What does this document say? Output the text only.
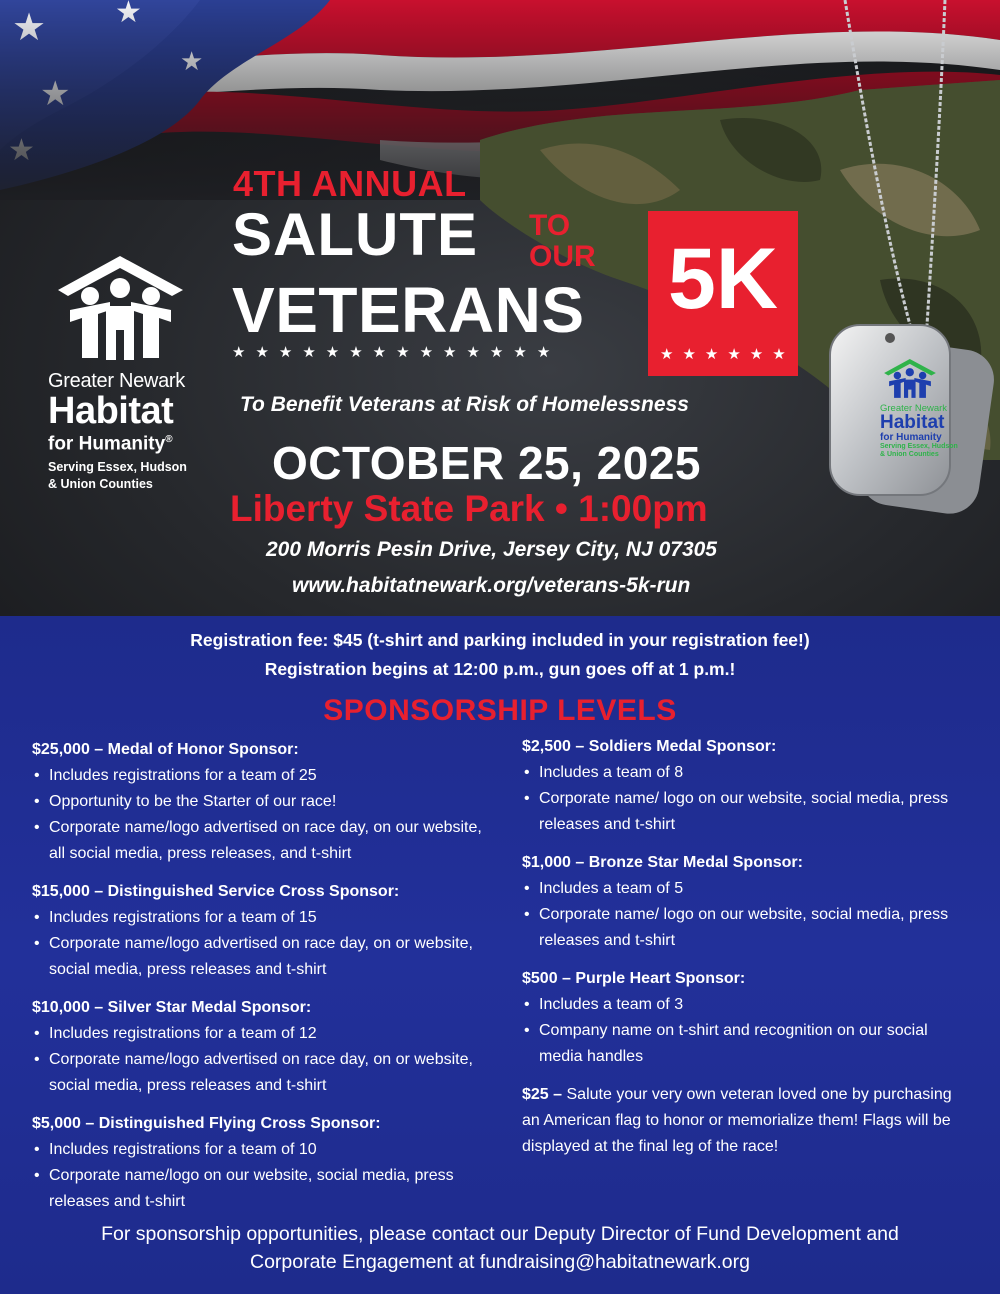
Greater Newark
Habitat
for Humanity®
Serving Essex, Hudson
& Union Counties
4TH ANNUAL
SALUTE TO
OUR
VETERANS
★★★★★★★★★★★★★★
5K
★★★★★★
Greater Newark
Habitat
for Humanity
Serving Essex, Hudson
& Union Counties
To Benefit Veterans at Risk of Homelessness
OCTOBER 25, 2025
Liberty State Park • 1:00pm
200 Morris Pesin Drive, Jersey City, NJ 07305
www.habitatnewark.org/veterans-5k-run
Registration fee: $45 (t-shirt and parking included in your registration fee!)
Registration begins at 12:00 p.m., gun goes off at 1 p.m.!
SPONSORSHIP LEVELS
$25,000 – Medal of Honor Sponsor:
• Includes registrations for a team of 25
• Opportunity to be the Starter of our race!
• Corporate name/logo advertised on race day, on our website, all social media, press releases, and t-shirt
$15,000 – Distinguished Service Cross Sponsor:
• Includes registrations for a team of 15
• Corporate name/logo advertised on race day, on or website, social media, press releases and t-shirt
$10,000 – Silver Star Medal Sponsor:
• Includes registrations for a team of 12
• Corporate name/logo advertised on race day, on or website, social media, press releases and t-shirt
$5,000 – Distinguished Flying Cross Sponsor:
• Includes registrations for a team of 10
• Corporate name/logo on our website, social media, press releases and t-shirt
$2,500 – Soldiers Medal Sponsor:
• Includes a team of 8
• Corporate name/ logo on our website, social media, press releases and t-shirt
$1,000 – Bronze Star Medal Sponsor:
• Includes a team of 5
• Corporate name/ logo on our website, social media, press releases and t-shirt
$500 – Purple Heart Sponsor:
• Includes a team of 3
• Company name on t-shirt and recognition on our social media handles
$25 – Salute your very own veteran loved one by purchasing an American flag to honor or memorialize them! Flags will be displayed at the final leg of the race!
For sponsorship opportunities, please contact our Deputy Director of Fund Development and
Corporate Engagement at fundraising@habitatnewark.org
